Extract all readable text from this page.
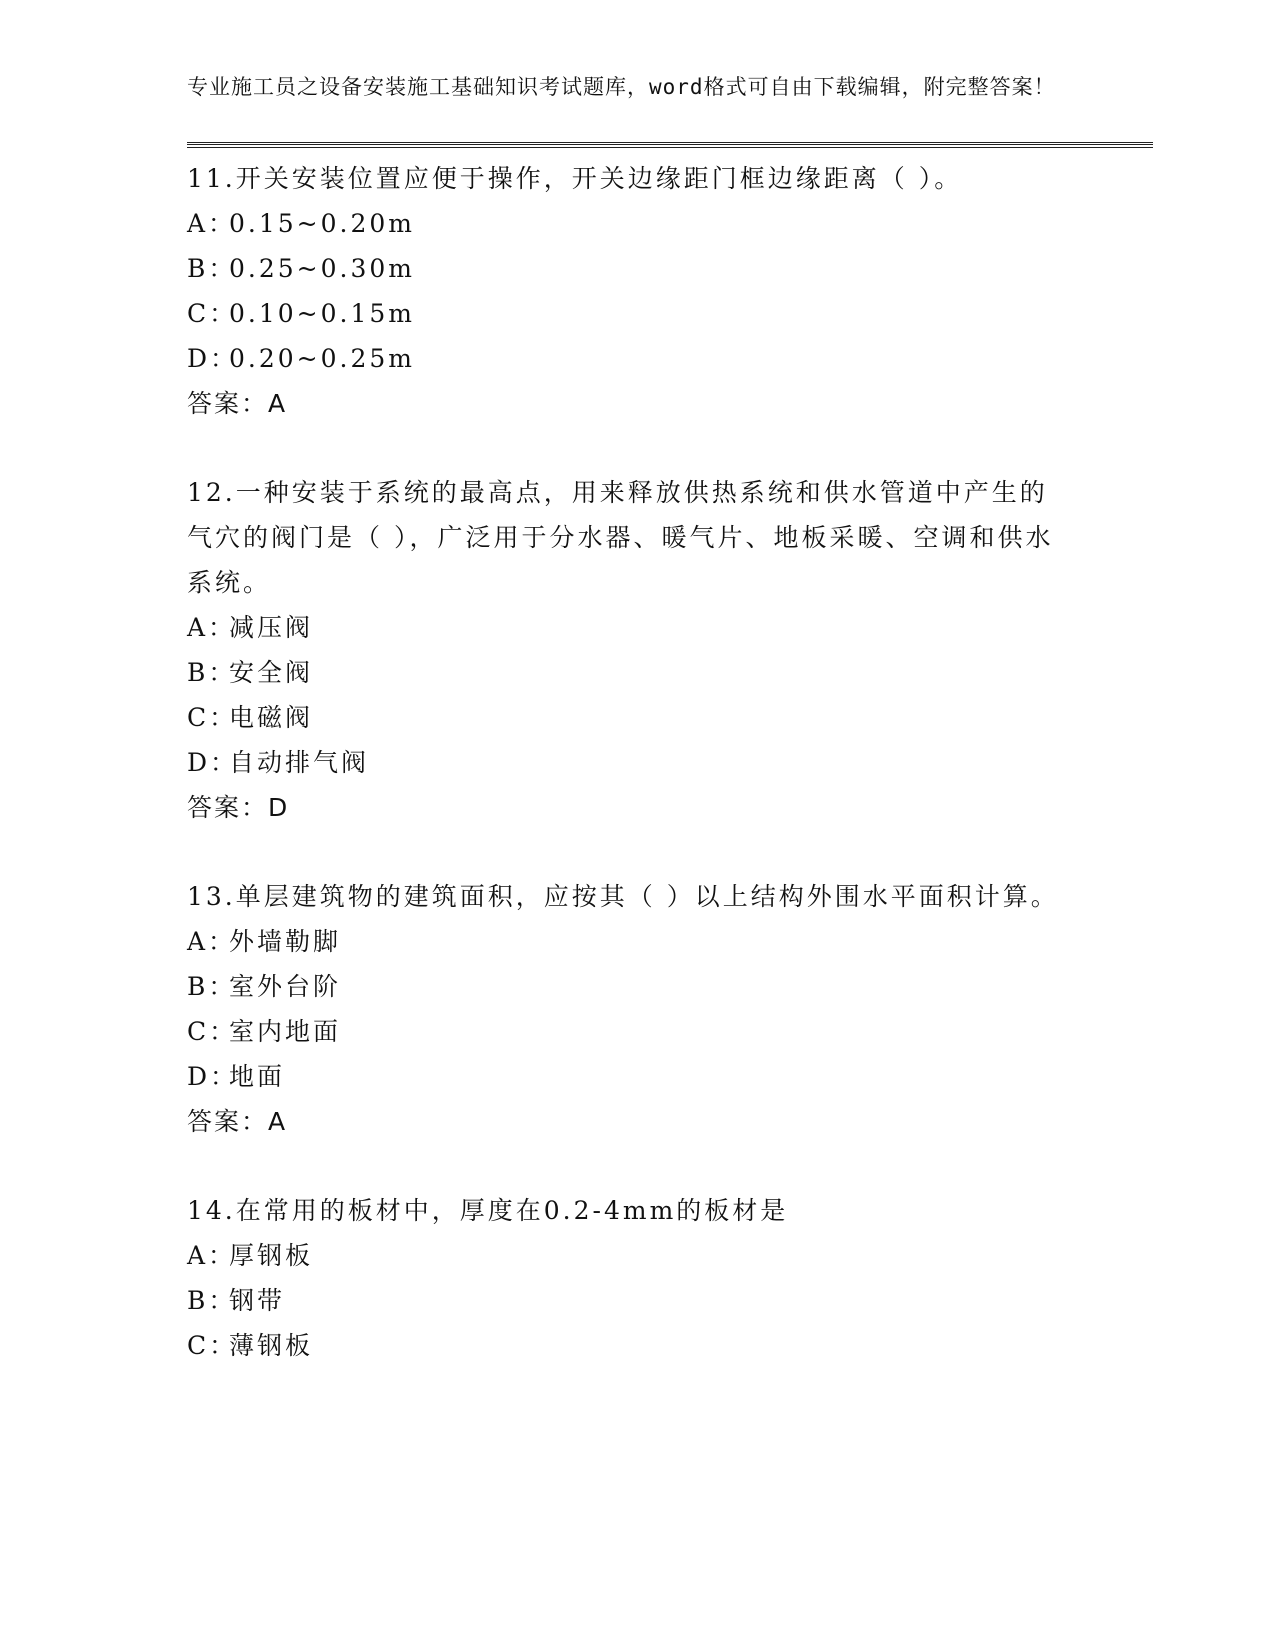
专业施工员之设备安装施工基础知识考试题库，word格式可自由下载编辑，附完整答案！

11.开关安装位置应便于操作，开关边缘距门框边缘距离（ ）。

A：0.15~0.20m

B：0.25~0.30m

C：0.10~0.15m

D：0.20~0.25m

答案：A

12.一种安装于系统的最高点，用来释放供热系统和供水管道中产生的气穴的阀门是（ ），广泛用于分水器、暖气片、地板采暖、空调和供水系统。

A：减压阀

B：安全阀

C：电磁阀

D：自动排气阀

答案：D

13.单层建筑物的建筑面积，应按其（ ）以上结构外围水平面积计算。

A：外墙勒脚

B：室外台阶

C：室内地面

D：地面

答案：A

14.在常用的板材中，厚度在0.2-4mm的板材是

A：厚钢板

B：钢带

C：薄钢板
